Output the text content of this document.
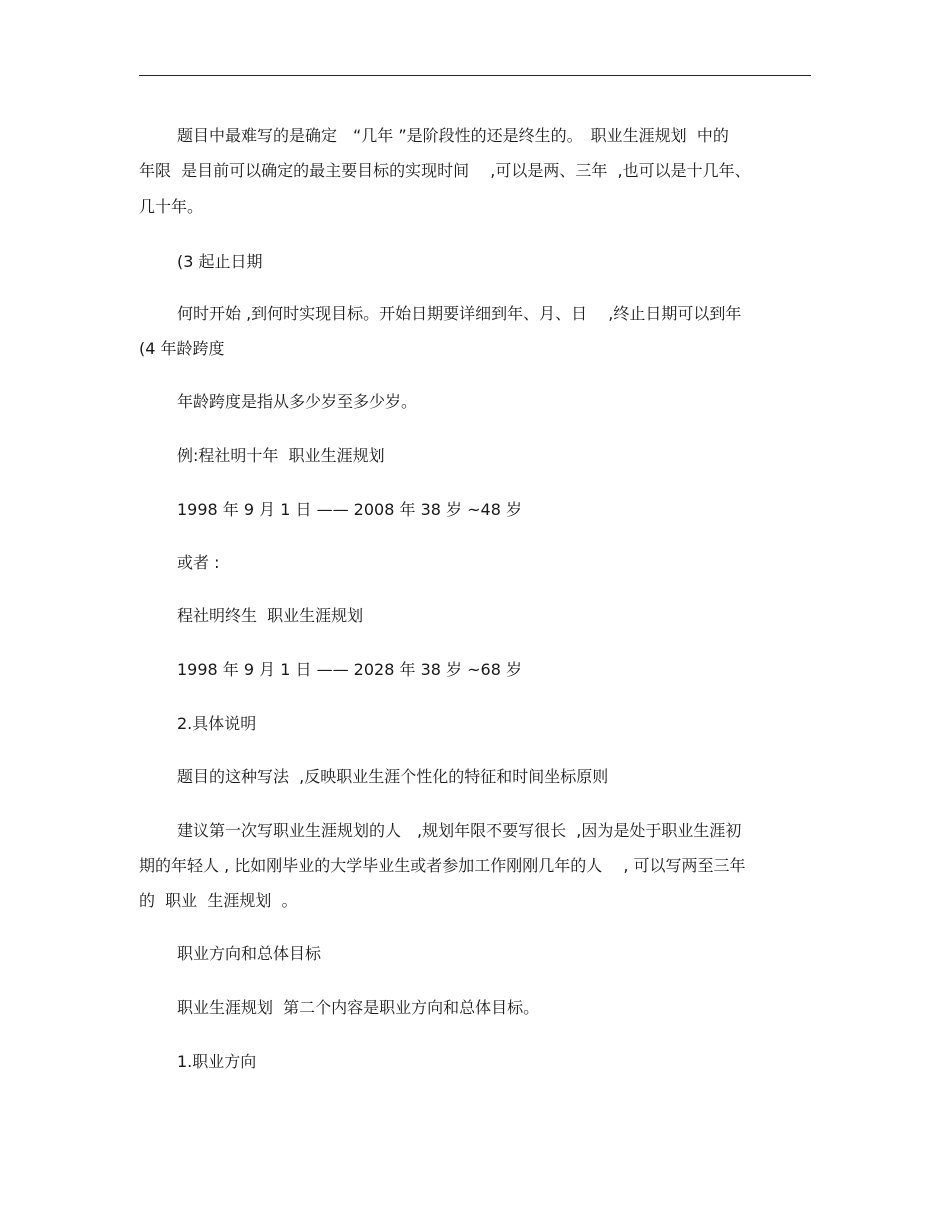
题目中最难写的是确定　“几年 ”是阶段性的还是终生的。　职业生涯规划  中的
年限  是目前可以确定的最主要目标的实现时间　 ,可以是两、三年  ,也可以是十几年、
几十年。
(3 起止日期
何时开始 ,到何时实现目标。开始日期要详细到年、月、日　 ,终止日期可以到年
(4 年龄跨度
年龄跨度是指从多少岁至多少岁。
例:程社明十年  职业生涯规划
1998 年 9 月 1 日 —— 2008 年 38 岁 ~48 岁
或者 :
程社明终生  职业生涯规划
1998 年 9 月 1 日 —— 2028 年 38 岁 ~68 岁
2.具体说明
题目的这种写法  ,反映职业生涯个性化的特征和时间坐标原则
建议第一次写职业生涯规划的人　,规划年限不要写很长  ,因为是处于职业生涯初
期的年轻人 , 比如刚毕业的大学毕业生或者参加工作刚刚几年的人　 , 可以写两至三年
的  职业  生涯规划  。
职业方向和总体目标
职业生涯规划  第二个内容是职业方向和总体目标。
1.职业方向
